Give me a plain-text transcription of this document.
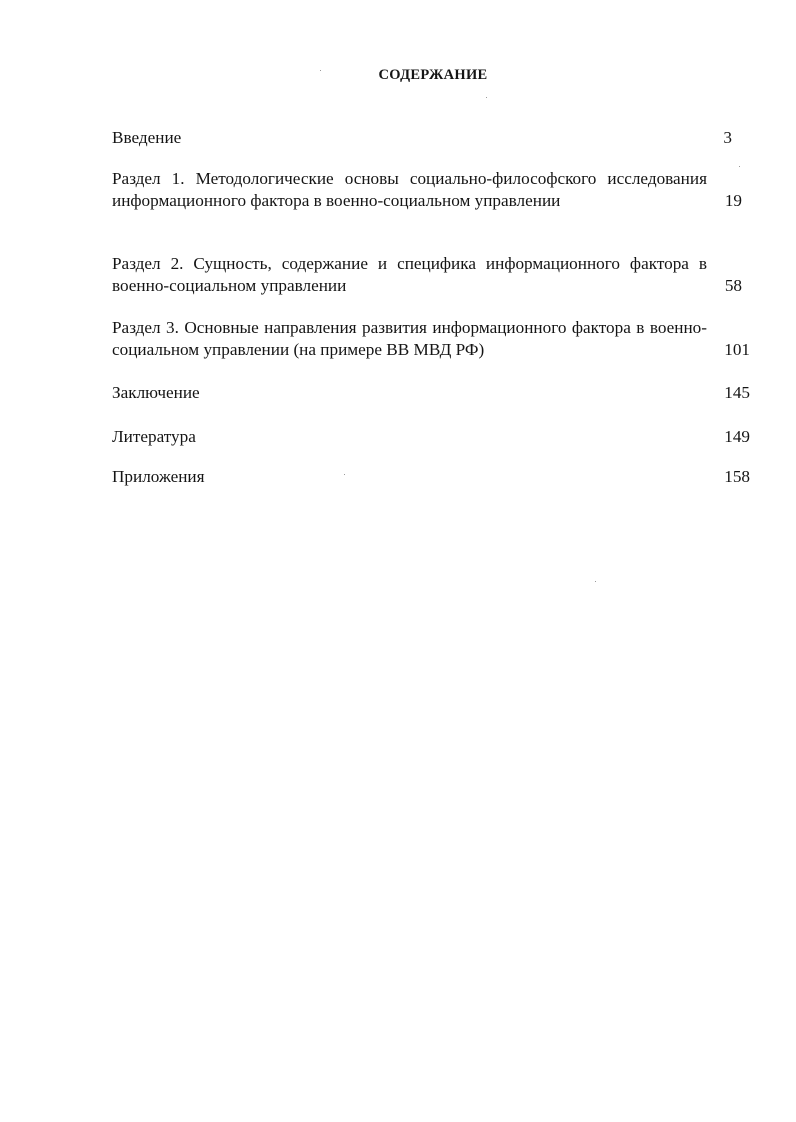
СОДЕРЖАНИЕ
Введение	3
Раздел 1. Методологические основы социально-философского исследования информационного фактора в военно-социальном управлении	19
Раздел 2. Сущность, содержание и специфика информационного фактора в военно-социальном управлении	58
Раздел 3. Основные направления развития информационного фактора в военно-социальном управлении (на примере ВВ МВД РФ)	101
Заключение	145
Литература	149
Приложения	158
